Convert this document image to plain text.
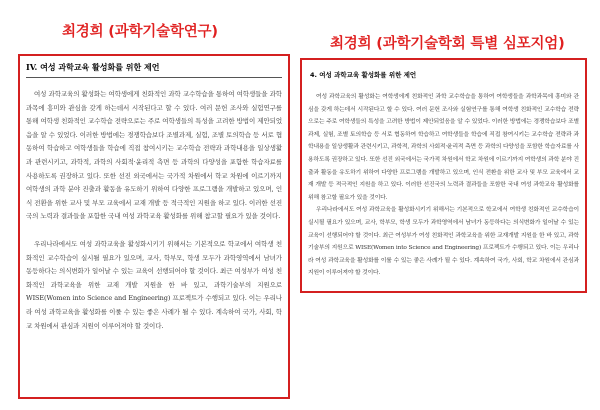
최경희 (과학기술학연구)
최경희 (과학기술학회 특별 심포지엄)
IV. 여성 과학교육 활성화를 위한 제언

여성 과학교육의 활성화는 여학생에게 친화적인 과학 교수학습을 통하여 여학생들을 과학과목에 흥미와 관심을 갖게 하는데서 시작된다고 할 수 있다. 여러 문헌 조사와 실험연구를 통해 여학생 친화적인 교수학습 전략으로는 주로 여학생들의 특성을 고려한 방법이 제안되었음을 알 수 있었다. 이러한 방법에는 경쟁학습보다 조별과제, 실험, 조별 토의학습 등 서로 협동하여 학습하고 여학생들을 학습에 직접 참여시키는 교수학습 전략과 과학내용을 일상생활과 관련시키고, 과학적, 과학의 사회적·윤리적 측면 등 과학의 다양성을 포함한 학습자료를 사용하도록 권장하고 있다. 또한 선진 외국에서는 국가적 차원에서 학교 차원에 이르기까지 여학생의 과학 분야 진출과 활동을 유도하기 위하여 다양한 프로그램을 개발하고 있으며, 인식 전환을 위한 교사 및 부모 교육에서 교재 개발 등 적극적인 지원을 하고 있다. 이러한 선진국의 노력과 결과들을 포함한 국내 여성 과학교육 활성화를 위해 참고할 필요가 있을 것이다.

우리나라에서도 여성 과학교육을 활성화시키기 위해서는 기본적으로 학교에서 여학생 친화적인 교수학습이 실시될 필요가 있으며, 교사, 학부모, 학생 모두가 과학영역에서 남녀가 동등하다는 의식변화가 일어날 수 있는 교육이 선행되어야 할 것이다. 최근 여성부가 여성 친화적인 과학교육을 위한 교재 개발 지원을 한 바 있고, 과학기술부의 지원으로 WISE(Women into Science and Engineering) 프로젝트가 수행되고 있다. 이는 우리나라 여성 과학교육을 활성화를 이룰 수 있는 좋은 사례가 될 수 있다. 계속하여 국가, 사회, 학교 차원에서 관심과 지원이 이루어져야 할 것이다.

4. 여성 과학교육 활성화를 위한 제언

여성 과학교육의 활성화는 여학생에게 친화적인 과학 교수학습을 통하여 여학생들을 과학과목에 흥미와 관심을 갖게 하는데서 시작된다고 할 수 있다. 여러 문헌 조사와 실험연구를 통해 여학생 친화적인 교수학습 전략으로는 주로 여학생들의 특성을 고려한 방법이 제안되었음을 알 수 있었다. 이러한 방법에는 경쟁학습보다 조별과제, 실험, 조별 토의학습 등 서로 협동하여 학습하고 여학생들을 학습에 직접 참여시키는 교수학습 전략과 과학내용을 일상생활과 관련시키고, 과학적, 과학의 사회적·윤리적 측면 등 과학의 다양성을 포함한 학습자료를 사용하도록 권장하고 있다. 또한 선진 외국에서는 국가적 차원에서 학교 차원에 이르기까지 여학생의 과학 분야 진출과 활동을 유도하기 위하여 다양한 프로그램을 개발하고 있으며, 인식 전환을 위한 교사 및 부모 교육에서 교재 개발 등 적극적인 지원을 하고 있다. 이러한 선진국의 노력과 결과들을 포함한 국내 여성 과학교육 활성화를 위해 참고할 필요가 있을 것이다.

우리나라에서도 여성 과학교육을 활성화시키기 위해서는 기본적으로 학교에서 여학생 친화적인 교수학습이 실시될 필요가 있으며, 교사, 학부모, 학생 모두가 과학영역에서 남녀가 동등하다는 의식변화가 일어날 수 있는 교육이 선행되어야 할 것이다. 최근 여성부가 여성 친화적인 과학교육을 위한 교재개발 지원을 한 바 있고, 과학기술부의 지원으로 WISE(Women into Science and Engineering) 프로젝트가 수행되고 있다. 이는 우리나라 여성 과학교육을 활성화를 이룰 수 있는 좋은 사례가 될 수 있다. 계속하여 국가, 사회, 학교 차원에서 관심과 지원이 이루어져야 할 것이다.
